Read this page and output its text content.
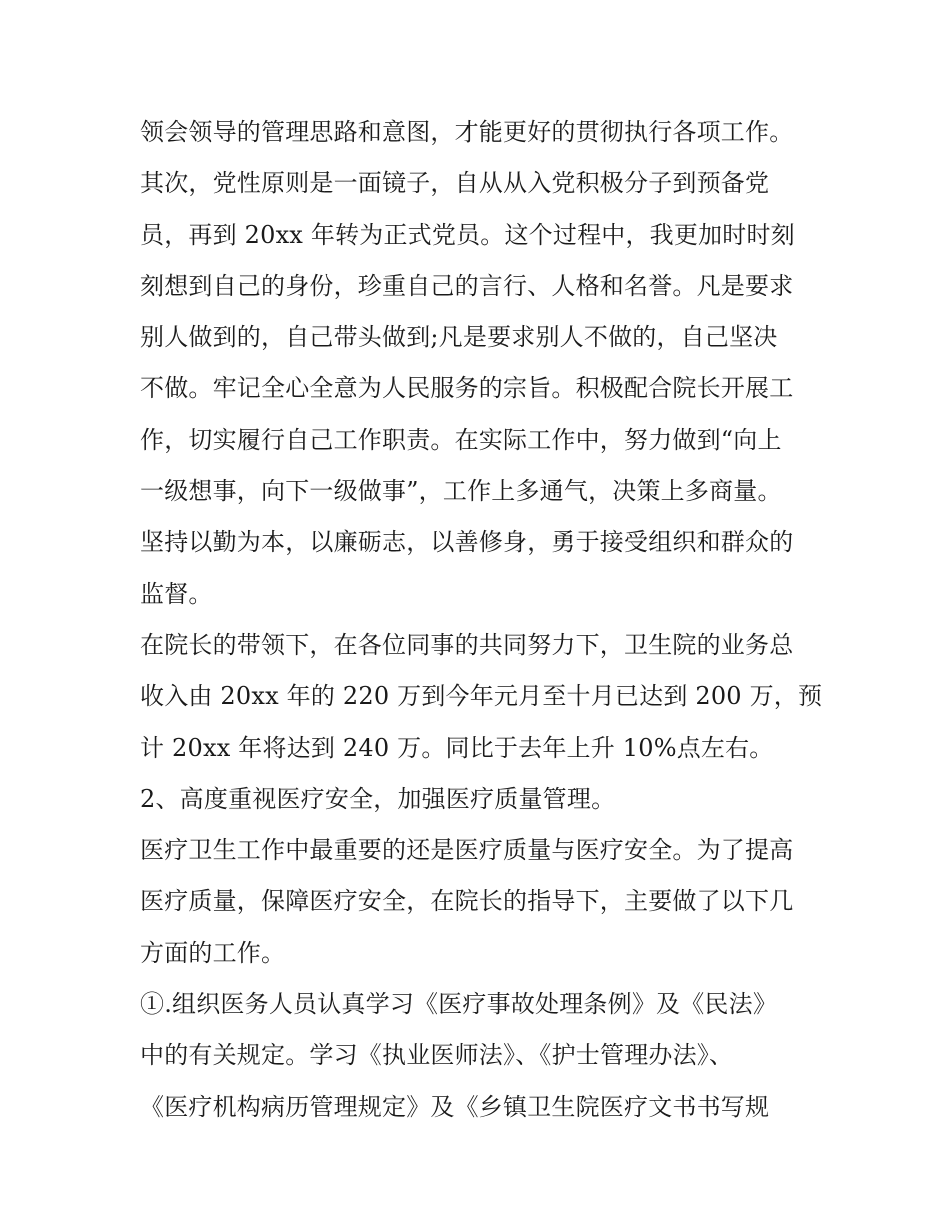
领会领导的管理思路和意图，才能更好的贯彻执行各项工作。
其次，党性原则是一面镜子，自从从入党积极分子到预备党
员，再到 20xx 年转为正式党员。这个过程中，我更加时时刻
刻想到自己的身份，珍重自己的言行、人格和名誉。凡是要求
别人做到的，自己带头做到;凡是要求别人不做的，自己坚决
不做。牢记全心全意为人民服务的宗旨。积极配合院长开展工
作，切实履行自己工作职责。在实际工作中，努力做到“向上
一级想事，向下一级做事”，工作上多通气，决策上多商量。
坚持以勤为本，以廉砺志，以善修身，勇于接受组织和群众的
监督。
在院长的带领下，在各位同事的共同努力下，卫生院的业务总
收入由 20xx 年的 220 万到今年元月至十月已达到 200 万，预
计 20xx 年将达到 240 万。同比于去年上升 10%点左右。
2、高度重视医疗安全，加强医疗质量管理。
医疗卫生工作中最重要的还是医疗质量与医疗安全。为了提高
医疗质量，保障医疗安全，在院长的指导下，主要做了以下几
方面的工作。
①.组织医务人员认真学习《医疗事故处理条例》及《民法》
中的有关规定。学习《执业医师法》、《护士管理办法》、
《医疗机构病历管理规定》及《乡镇卫生院医疗文书书写规
